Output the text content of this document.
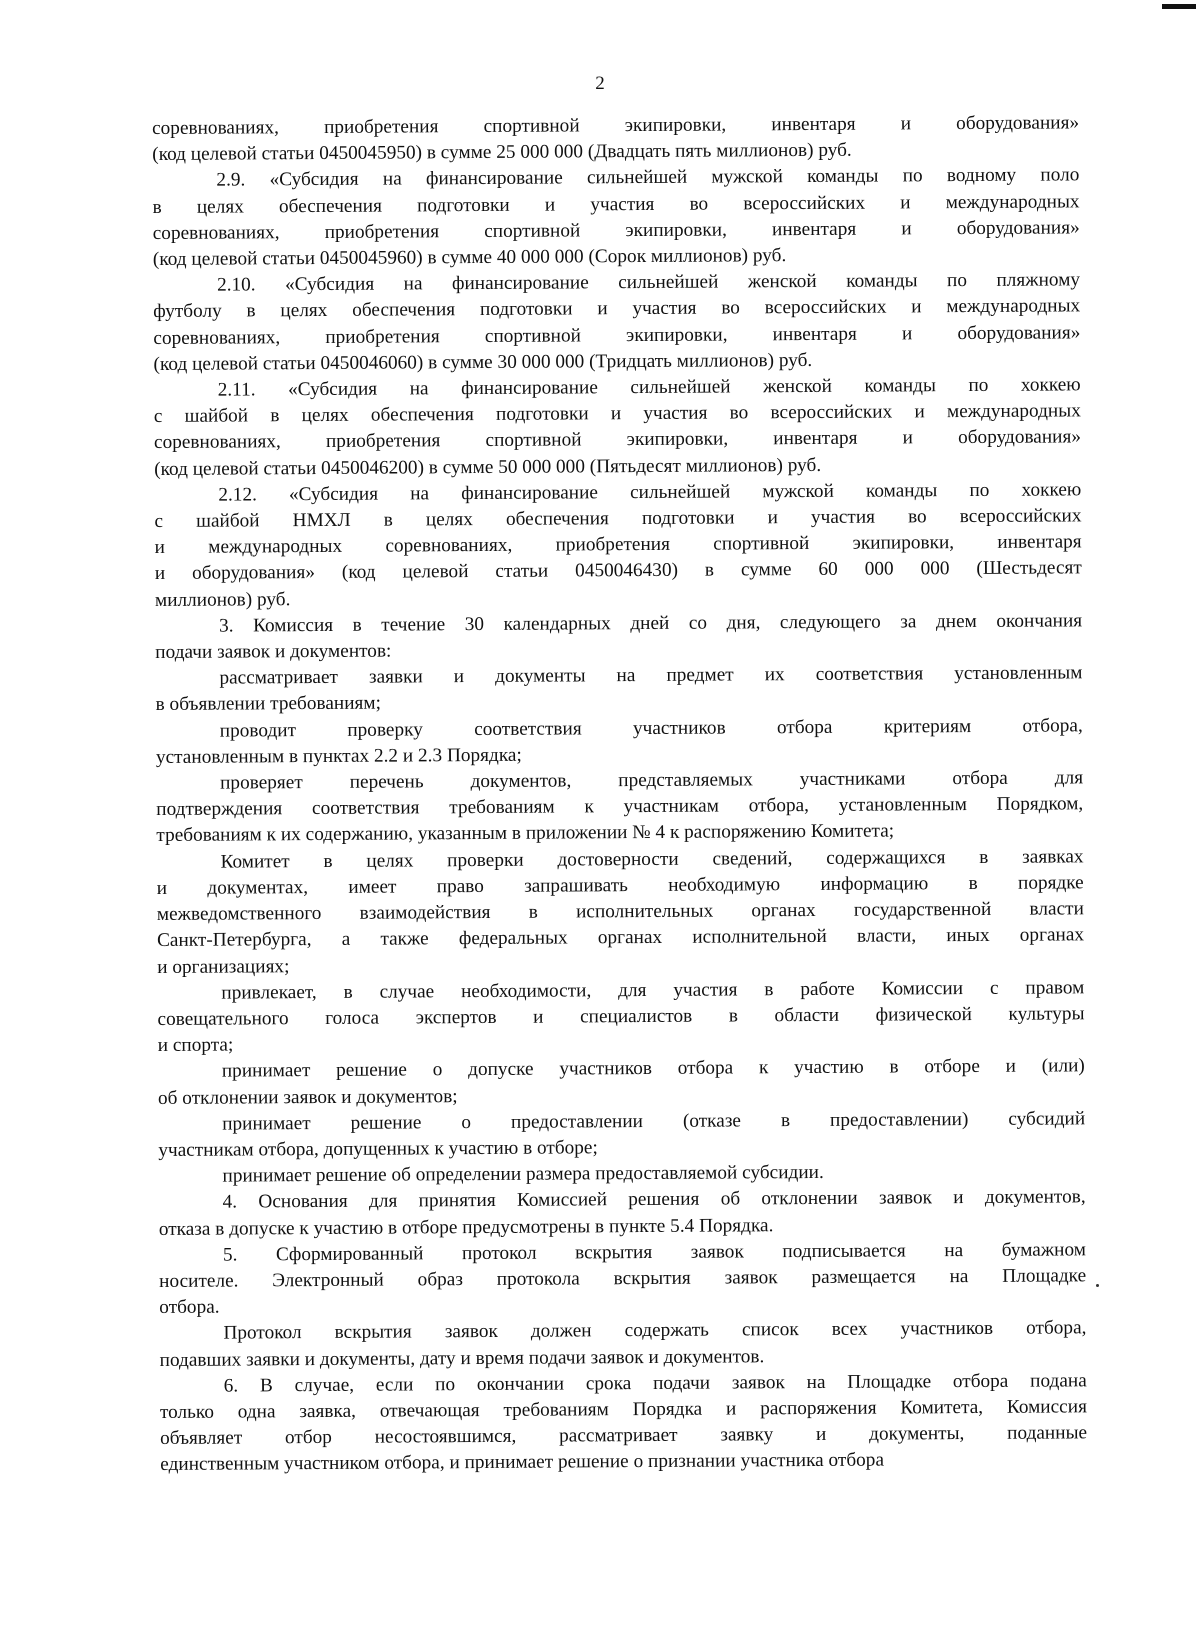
2

соревнованиях, приобретения спортивной экипировки, инвентаря и оборудования»

(код целевой статьи 0450045950) в сумме 25 000 000 (Двадцать пять миллионов) руб.

2.9. «Субсидия на финансирование сильнейшей мужской команды по водному поло

в целях обеспечения подготовки и участия во всероссийских и международных

соревнованиях, приобретения спортивной экипировки, инвентаря и оборудования»

(код целевой статьи 0450045960) в сумме 40 000 000 (Сорок миллионов) руб.

2.10. «Субсидия на финансирование сильнейшей женской команды по пляжному

футболу в целях обеспечения подготовки и участия во всероссийских и международных

соревнованиях, приобретения спортивной экипировки, инвентаря и оборудования»

(код целевой статьи 0450046060) в сумме 30 000 000 (Тридцать миллионов) руб.

2.11. «Субсидия на финансирование сильнейшей женской команды по хоккею

с шайбой в целях обеспечения подготовки и участия во всероссийских и международных

соревнованиях, приобретения спортивной экипировки, инвентаря и оборудования»

(код целевой статьи 0450046200) в сумме 50 000 000 (Пятьдесят миллионов) руб.

2.12. «Субсидия на финансирование сильнейшей мужской команды по хоккею

с шайбой НМХЛ в целях обеспечения подготовки и участия во всероссийских

и международных соревнованиях, приобретения спортивной экипировки, инвентаря

и оборудования» (код целевой статьи 0450046430) в сумме 60 000 000 (Шестьдесят

миллионов) руб.

3. Комиссия в течение 30 календарных дней со дня, следующего за днем окончания

подачи заявок и документов:

рассматривает заявки и документы на предмет их соответствия установленным

в объявлении требованиям;

проводит проверку соответствия участников отбора критериям отбора,

установленным в пунктах 2.2 и 2.3 Порядка;

проверяет перечень документов, представляемых участниками отбора для

подтверждения соответствия требованиям к участникам отбора, установленным Порядком,

требованиям к их содержанию, указанным в приложении № 4 к распоряжению Комитета;

Комитет в целях проверки достоверности сведений, содержащихся в заявках

и документах, имеет право запрашивать необходимую информацию в порядке

межведомственного взаимодействия в исполнительных органах государственной власти

Санкт-Петербурга, а также федеральных органах исполнительной власти, иных органах

и организациях;

привлекает, в случае необходимости, для участия в работе Комиссии с правом

совещательного голоса экспертов и специалистов в области физической культуры

и спорта;

принимает решение о допуске участников отбора к участию в отборе и (или)

об отклонении заявок и документов;

принимает решение о предоставлении (отказе в предоставлении) субсидий

участникам отбора, допущенных к участию в отборе;

принимает решение об определении размера предоставляемой субсидии.

4. Основания для принятия Комиссией решения об отклонении заявок и документов,

отказа в допуске к участию в отборе предусмотрены в пункте 5.4 Порядка.

5. Сформированный протокол вскрытия заявок подписывается на бумажном

носителе. Электронный образ протокола вскрытия заявок размещается на Площадке

отбора.

Протокол вскрытия заявок должен содержать список всех участников отбора,

подавших заявки и документы, дату и время подачи заявок и документов.

6. В случае, если по окончании срока подачи заявок на Площадке отбора подана

только одна заявка, отвечающая требованиям Порядка и распоряжения Комитета, Комиссия

объявляет отбор несостоявшимся, рассматривает заявку и документы, поданные

единственным участником отбора, и принимает решение о признании участника отбора
